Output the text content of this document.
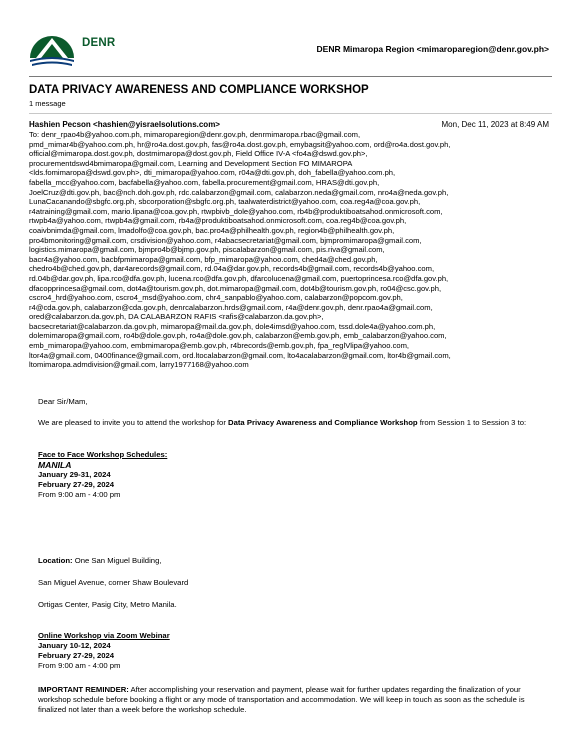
DENR	DENR Mimaropa Region <mimaroparegion@denr.gov.ph>
DATA PRIVACY AWARENESS AND COMPLIANCE WORKSHOP
1 message
Hashien Pecson <hashien@yisraelsolutions.com>	Mon, Dec 11, 2023 at 8:49 AM
To: denr_rpao4b@yahoo.com.ph, mimaroparegion@denr.gov.ph, denrmimaropa.rbac@gmail.com,
pmd_mimar4b@yahoo.com.ph, hr@ro4a.dost.gov.ph, fas@ro4a.dost.gov.ph, emybagsit@yahoo.com, ord@ro4a.dost.gov.ph,
official@mimaropa.dost.gov.ph, dostmimaropa@dost.gov.ph, Field Office IV-A <fo4a@dswd.gov.ph>,
procurementdswd4bmimaropa@gmail.com, Learning and Development Section FO MIMAROPA
<lds.fomimaropa@dswd.gov.ph>, dti_mimaropa@yahoo.com, r04a@dti.gov.ph, doh_fabella@yahoo.com.ph,
fabella_mcc@yahoo.com, bacfabella@yahoo.com, fabella.procurement@gmail.com, HRAS@dti.gov.ph,
JoelCruz@dti.gov.ph, bac@nch.doh.gov.ph, rdc.calabarzon@gmail.com, calabarzon.neda@gmail.com, nro4a@neda.gov.ph,
LunaCacanando@sbgfc.org.ph, sbcorporation@sbgfc.org.ph, taalwaterdistrict@yahoo.com, coa.reg4a@coa.gov.ph,
r4atraining@gmail.com, mario.lipana@coa.gov.ph, rtwpbivb_dole@yahoo.com, rb4b@produktiboatsahod.onmicrosoft.com,
rtwpb4a@yahoo.com, rtwpb4a@gmail.com, rb4a@produktiboatsahod.onmicrosoft.com, coa.reg4b@coa.gov.ph,
coaivbnimda@gmail.com, lmadolfo@coa.gov.ph, bac.pro4a@philhealth.gov.ph, region4b@philhealth.gov.ph,
pro4bmonitoring@gmail.com, crsdivision@yahoo.com, r4abacsecretariat@gmail.com, bjmpromimaropa@gmail.com,
logistics.mimaropa@gmail.com, bjmpro4b@bjmp.gov.ph, piscalabarzon@gmail.com, pis.riva@gmail.com,
bacr4a@yahoo.com, bacbfpmimaropa@gmail.com, bfp_mimaropa@yahoo.com, ched4a@ched.gov.ph,
chedro4b@ched.gov.ph, dar4arecords@gmail.com, rd.04a@dar.gov.ph, records4b@gmail.com, records4b@yahoo.com,
rd.04b@dar.gov.ph, lipa.rco@dfa.gov.ph, lucena.rco@dfa.gov.ph, dfarcolucena@gmail.com, puertoprincesa.rco@dfa.gov.ph,
dfacopprincesa@gmail.com, dot4a@tourism.gov.ph, dot.mimaropa@gmail.com, dot4b@tourism.gov.ph, ro04@csc.gov.ph,
cscro4_hrd@yahoo.com, cscro4_msd@yahoo.com, chr4_sanpablo@yahoo.com, calabarzon@popcom.gov.ph,
r4@cda.gov.ph, calabarzon@cda.gov.ph, denrcalabarzon.hrds@gmail.com, r4a@denr.gov.ph, denr.rpao4a@gmail.com,
ored@calabarzon.da.gov.ph, DA CALABARZON RAFIS <rafis@calabarzon.da.gov.ph>,
bacsecretariat@calabarzon.da.gov.ph, mimaropa@mail.da.gov.ph, dole4imsd@yahoo.com, tssd.dole4a@yahoo.com.ph,
dolemimaropa@gmail.com, ro4b@dole.gov.ph, ro4a@dole.gov.ph, calabarzon@emb.gov.ph, emb_calabarzon@yahoo.com,
emb_mimaropa@yahoo.com, embmimaropa@emb.gov.ph, r4brecords@emb.gov.ph, fpa_reglVlipa@yahoo.com,
ltor4a@gmail.com, 0400finance@gmail.com, ord.ltocalabarzon@gmail.com, lto4acalabarzon@gmail.com, ltor4b@gmail.com,
ltomimaropa.admdivision@gmail.com, larry1977168@yahoo.com
Dear Sir/Mam,
We are pleased to invite you to attend the workshop for Data Privacy Awareness and Compliance Workshop from Session 1 to Session 3 to:
Face to Face Workshop Schedules:
MANILA
January 29-31, 2024
February 27-29, 2024
From 9:00 am - 4:00 pm
Location: One San Miguel Building,
San Miguel Avenue, corner Shaw Boulevard
Ortigas Center, Pasig City, Metro Manila.
Online Workshop via Zoom Webinar
January 10-12, 2024
February 27-29, 2024
From 9:00 am - 4:00 pm
IMPORTANT REMINDER: After accomplishing your reservation and payment, please wait for further updates regarding the finalization of your workshop schedule before booking a flight or any mode of transportation and accommodation. We will keep in touch as soon as the schedule is finalized not later than a week before the workshop schedule.
